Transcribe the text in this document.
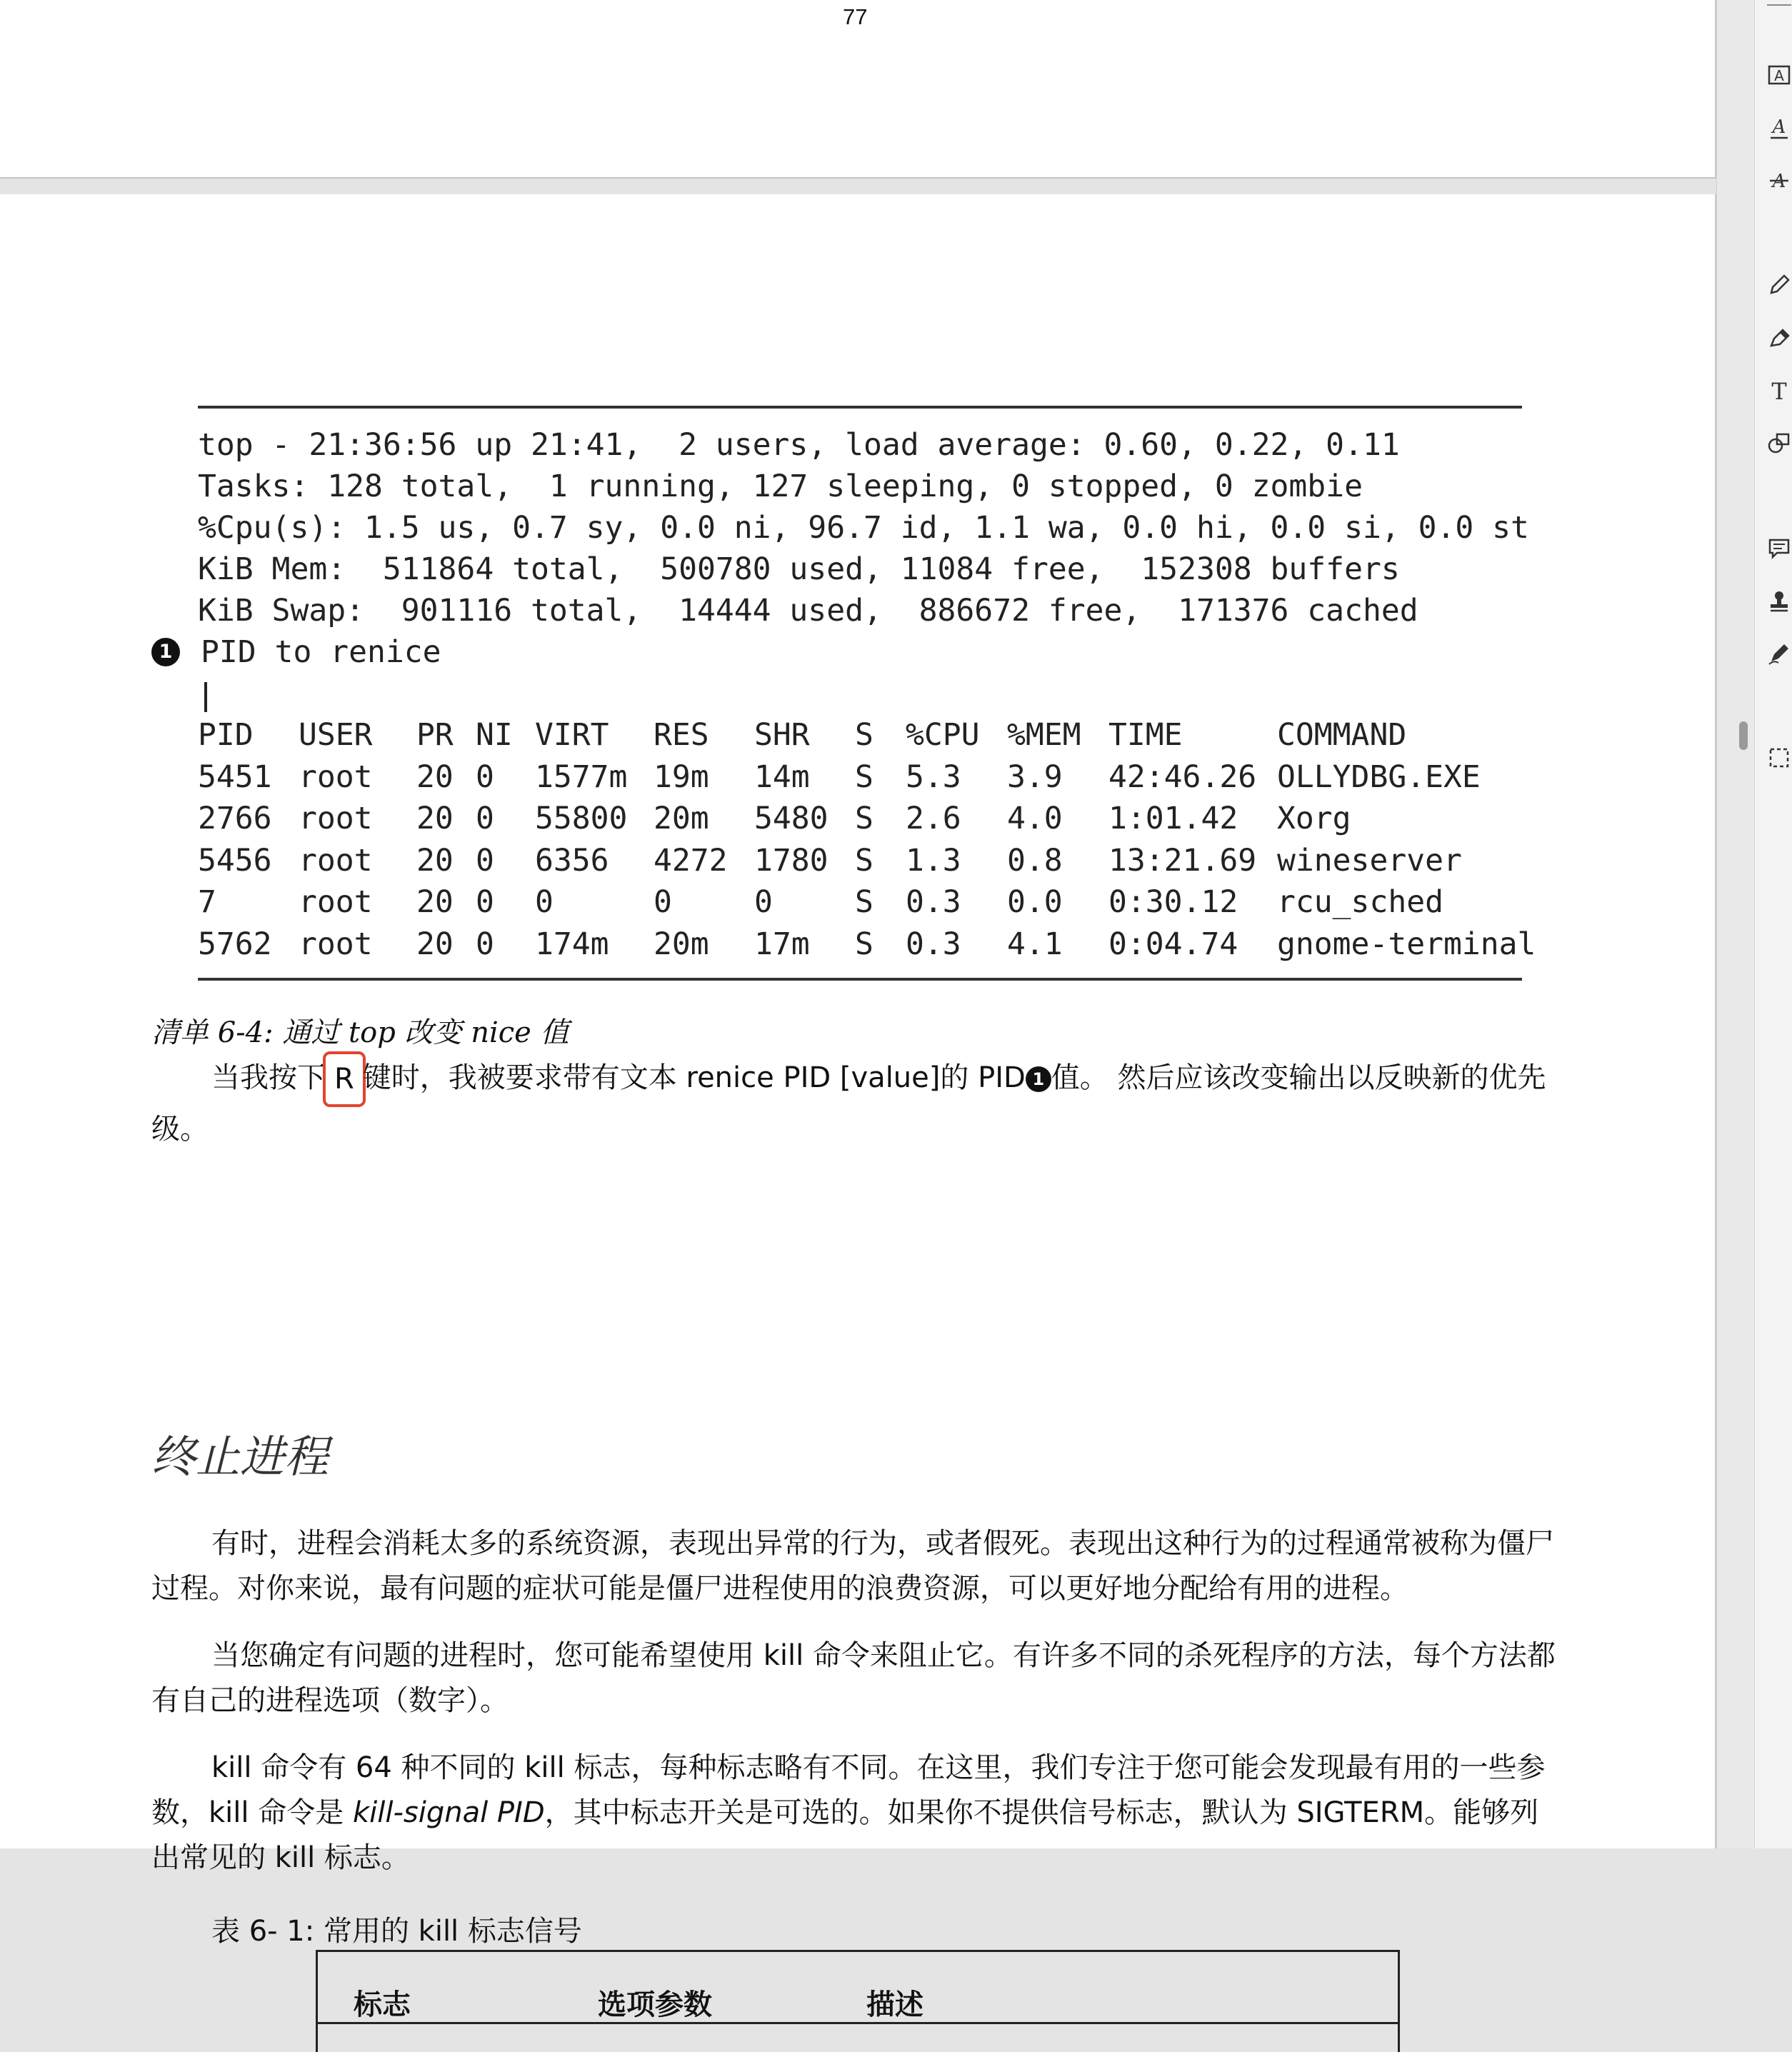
77
top - 21:36:56 up 21:41,  2 users, load average: 0.60, 0.22, 0.11
Tasks: 128 total,  1 running, 127 sleeping, 0 stopped, 0 zombie
%Cpu(s): 1.5 us, 0.7 sy, 0.0 ni, 96.7 id, 1.1 wa, 0.0 hi, 0.0 si, 0.0 st
KiB Mem:  511864 total,  500780 used, 11084 free,  152308 buffers
KiB Swap:  901116 total,  14444 used,  886672 free,  171376 cached
1 PID to renice
PID	USER	PR	NI	VIRT	RES	SHR	S	%CPU	%MEM	TIME	COMMAND
5451	root	20	0	1577m	19m	14m	S	5.3	3.9	42:46.26	OLLYDBG.EXE
2766	root	20	0	55800	20m	5480	S	2.6	4.0	1:01.42	Xorg
5456	root	20	0	6356	4272	1780	S	1.3	0.8	13:21.69	wineserver
7	root	20	0	0	0	0	S	0.3	0.0	0:30.12	rcu_sched
5762	root	20	0	174m	20m	17m	S	0.3	4.1	0:04.74	gnome-terminal
清单 6-4: 通过 top 改变 nice 值
当我按下 R 键时，我被要求带有文本 renice PID [value]的 PID 1 值。 然后应该改变输出以反映新的优先级。
终止进程
有时，进程会消耗太多的系统资源，表现出异常的行为，或者假死。表现出这种行为的过程通常被称为僵尸过程。对你来说，最有问题的症状可能是僵尸进程使用的浪费资源，可以更好地分配给有用的进程。
当您确定有问题的进程时，您可能希望使用 kill 命令来阻止它。有许多不同的杀死程序的方法，每个方法都有自己的进程选项（数字）。
kill 命令有 64 种不同的 kill 标志，每种标志略有不同。在这里，我们专注于您可能会发现最有用的一些参数，kill 命令是 kill-signal PID，其中标志开关是可选的。如果你不提供信号标志，默认为 SIGTERM。能够列出常见的 kill 标志。
表 6- 1: 常用的 kill 标志信号
标志	选项参数	描述
A
A
A
T
